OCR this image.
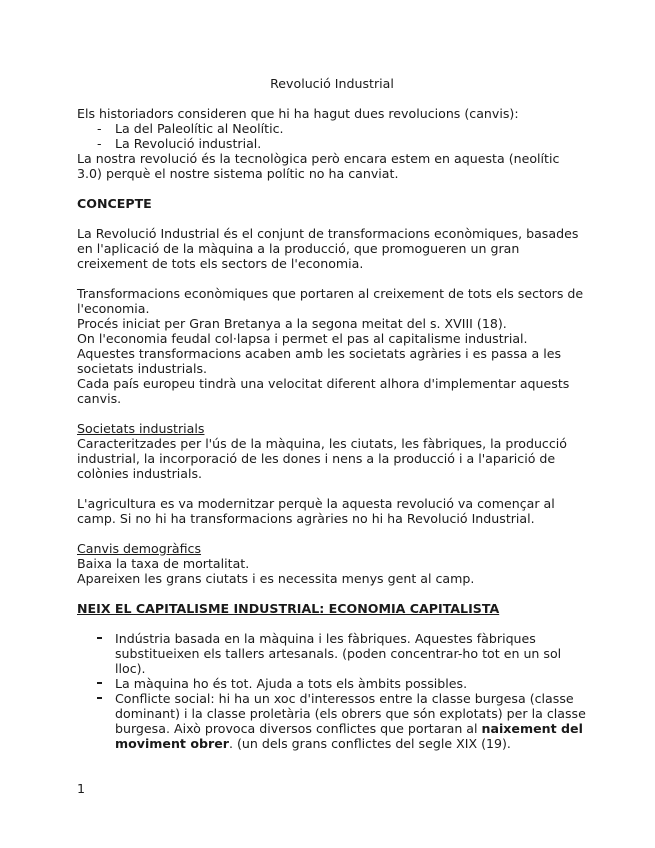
Revolució Industrial

Els historiadors consideren que hi ha hagut dues revolucions (canvis):

- La del Paleolític al Neolític.
- La Revolució industrial.

La nostra revolució és la tecnològica però encara estem en aquesta (neolític 3.0) perquè el nostre sistema polític no ha canviat.

CONCEPTE

La Revolució Industrial és el conjunt de transformacions econòmiques, basades en l'aplicació de la màquina a la producció, que promogueren un gran creixement de tots els sectors de l'economia.

Transformacions econòmiques que portaren al creixement de tots els sectors de l'economia.

Procés iniciat per Gran Bretanya a la segona meitat del s. XVIII (18).

On l'economia feudal col·lapsa i permet el pas al capitalisme industrial.

Aquestes transformacions acaben amb les societats agràries i es passa a les societats industrials.

Cada país europeu tindrà una velocitat diferent alhora d'implementar aquests canvis.

Societats industrials

Caracteritzades per l'ús de la màquina, les ciutats, les fàbriques, la producció industrial, la incorporació de les dones i nens a la producció i a l'aparició de colònies industrials.

L'agricultura es va modernitzar perquè la aquesta revolució va començar al camp. Si no hi ha transformacions agràries no hi ha Revolució Industrial.

Canvis demogràfics

Baixa la taxa de mortalitat.

Apareixen les grans ciutats i es necessita menys gent al camp.

NEIX EL CAPITALISME INDUSTRIAL: ECONOMIA CAPITALISTA

Indústria basada en la màquina i les fàbriques. Aquestes fàbriques substitueixen els tallers artesanals. (poden concentrar-ho tot en un sol lloc).
La màquina ho és tot. Ajuda a tots els àmbits possibles.
Conflicte social: hi ha un xoc d'interessos entre la classe burgesa (classe dominant) i la classe proletària (els obrers que són explotats) per la classe burgesa. Això provoca diversos conflictes que portaran al naixement del moviment obrer. (un dels grans conflictes del segle XIX (19).
1
